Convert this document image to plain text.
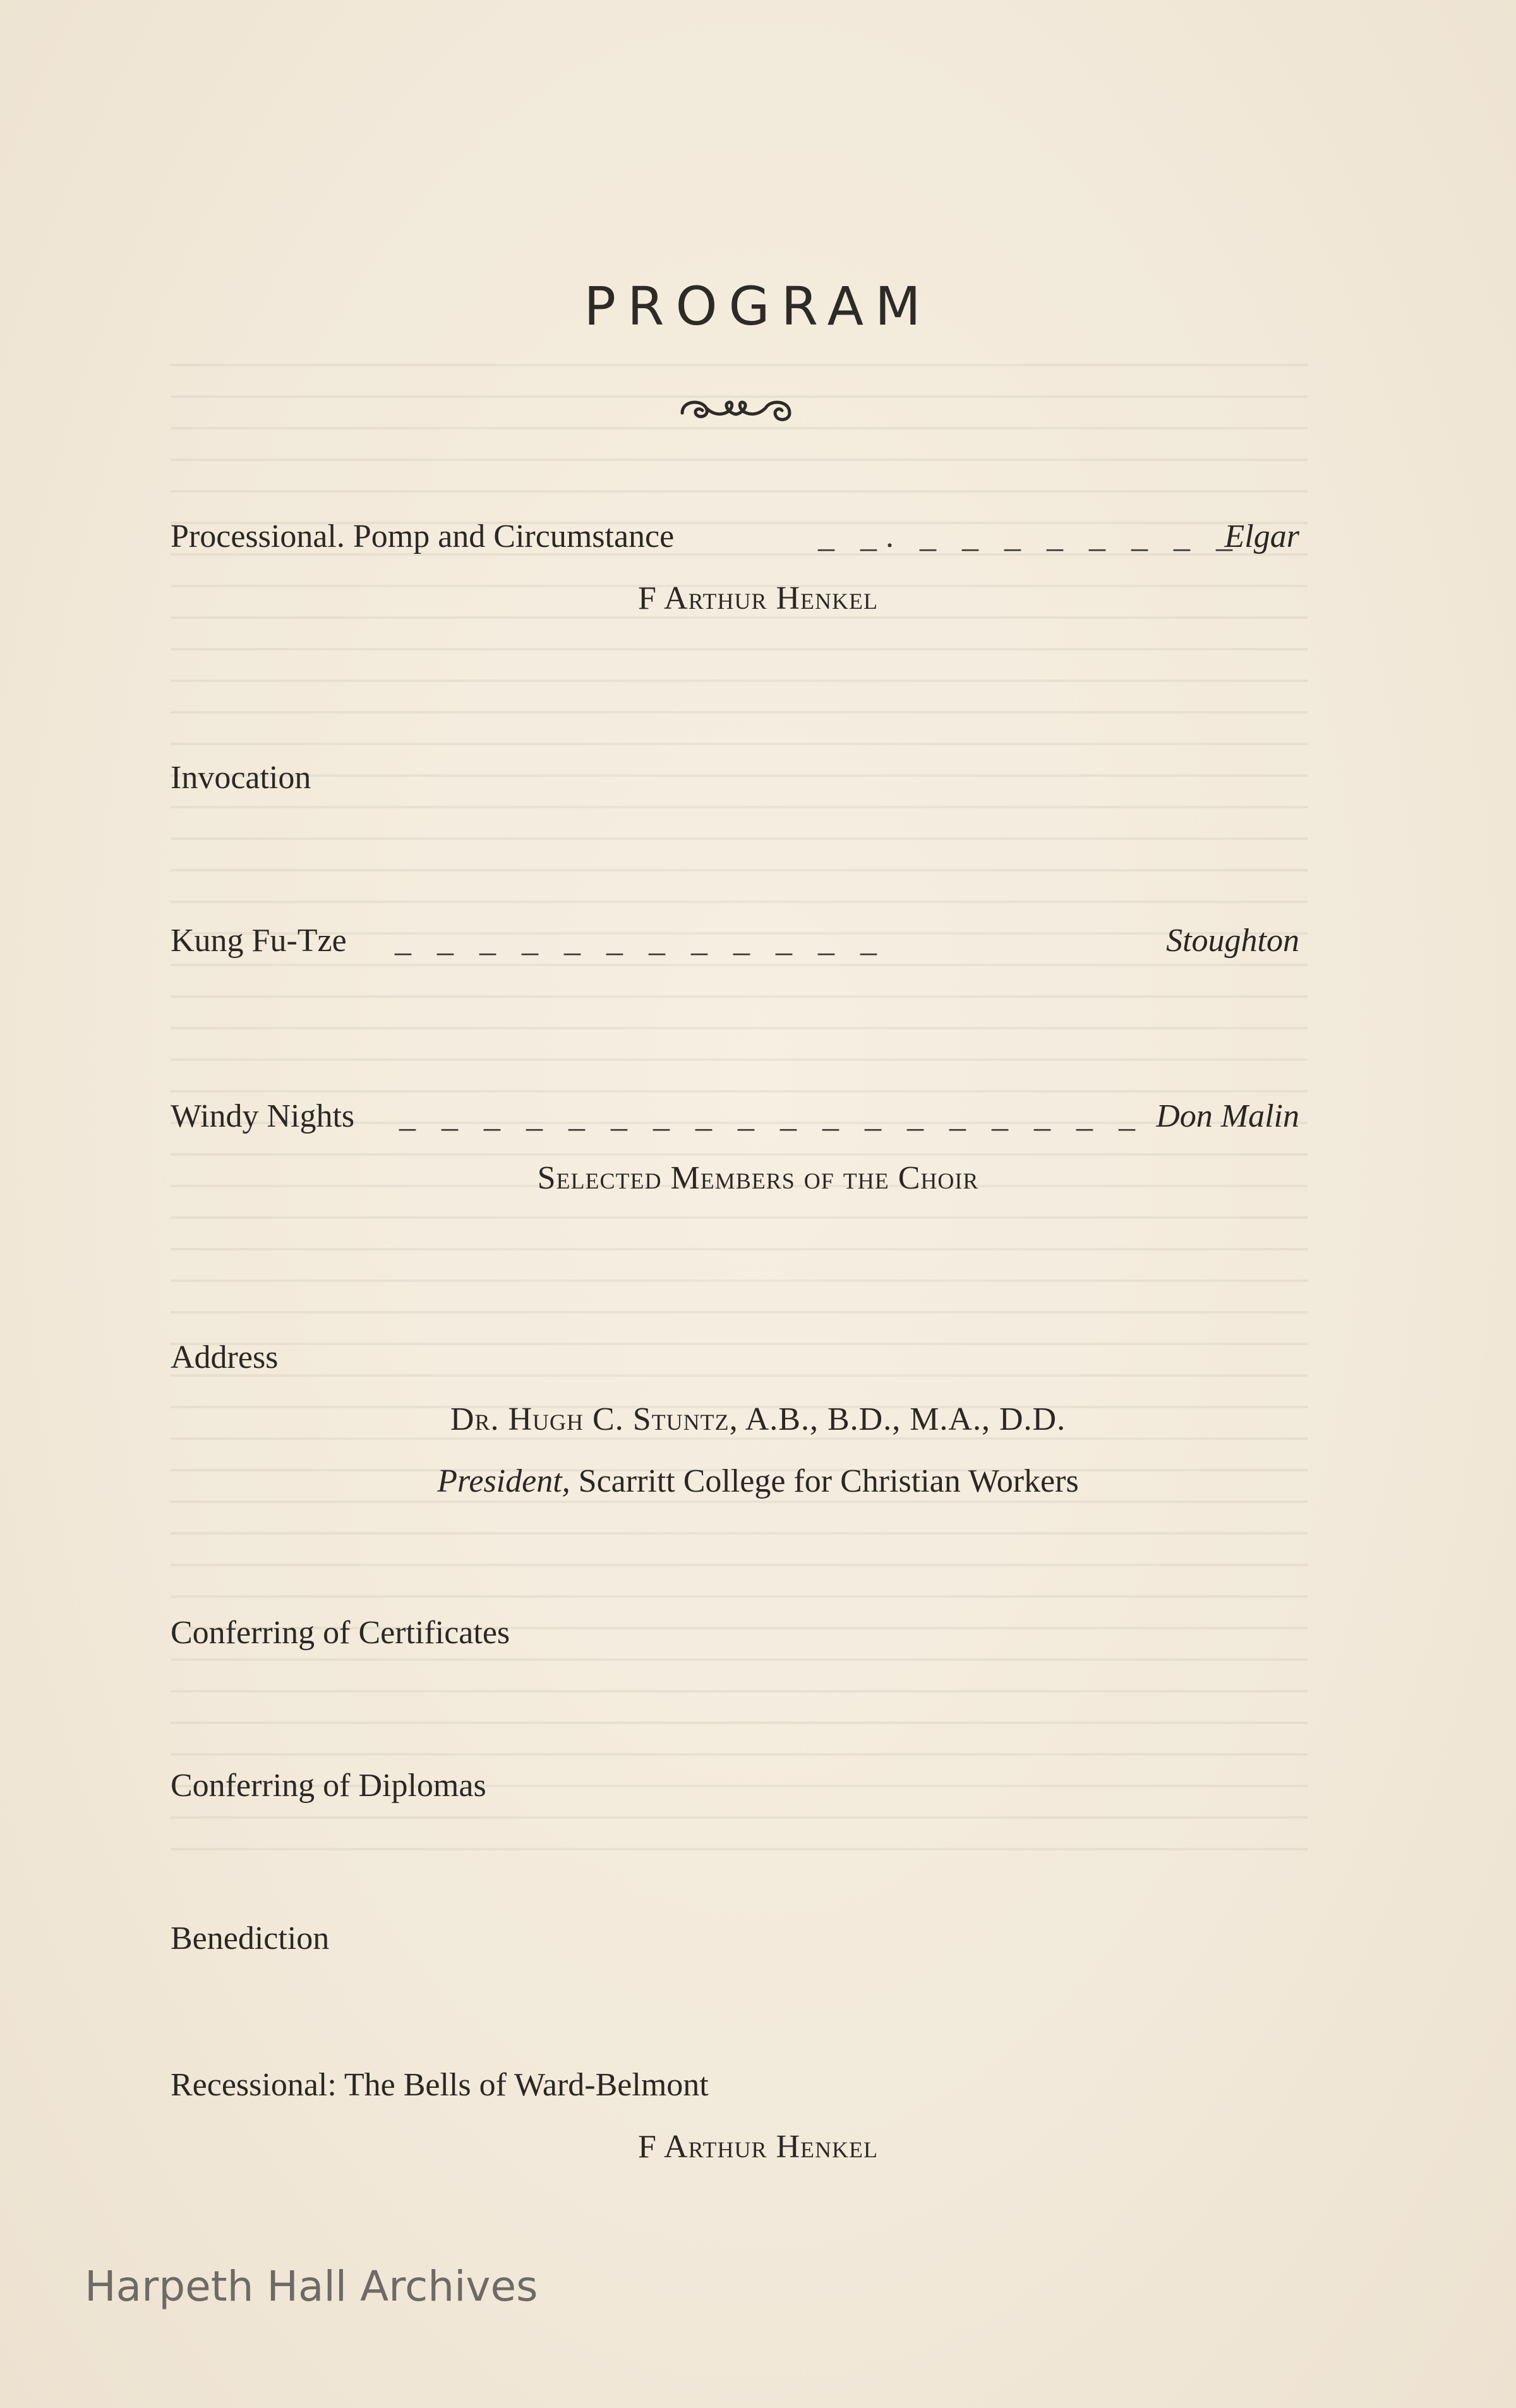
PROGRAM
Processional. Pomp and Circumstance	_ _. _ _ _ _ _ _ _ _
Elgar
F Arthur Henkel
Invocation
Kung Fu-Tze _ _ _ _ _ _ _ _ _ _ _ _	Stoughton
Windy Nights _ _ _ _ _ _ _ _ _ _ _ _ _ _ _ _ _ _ Don Malin
Selected Members of the Choir
Address
Dr. Hugh C. Stuntz, A.B., B.D., M.A., D.D.
President, Scarritt College for Christian Workers
Conferring of Certificates
Conferring of Diplomas
Benediction
Recessional: The Bells of Ward-Belmont
F Arthur Henkel
Harpeth Hall Archives
